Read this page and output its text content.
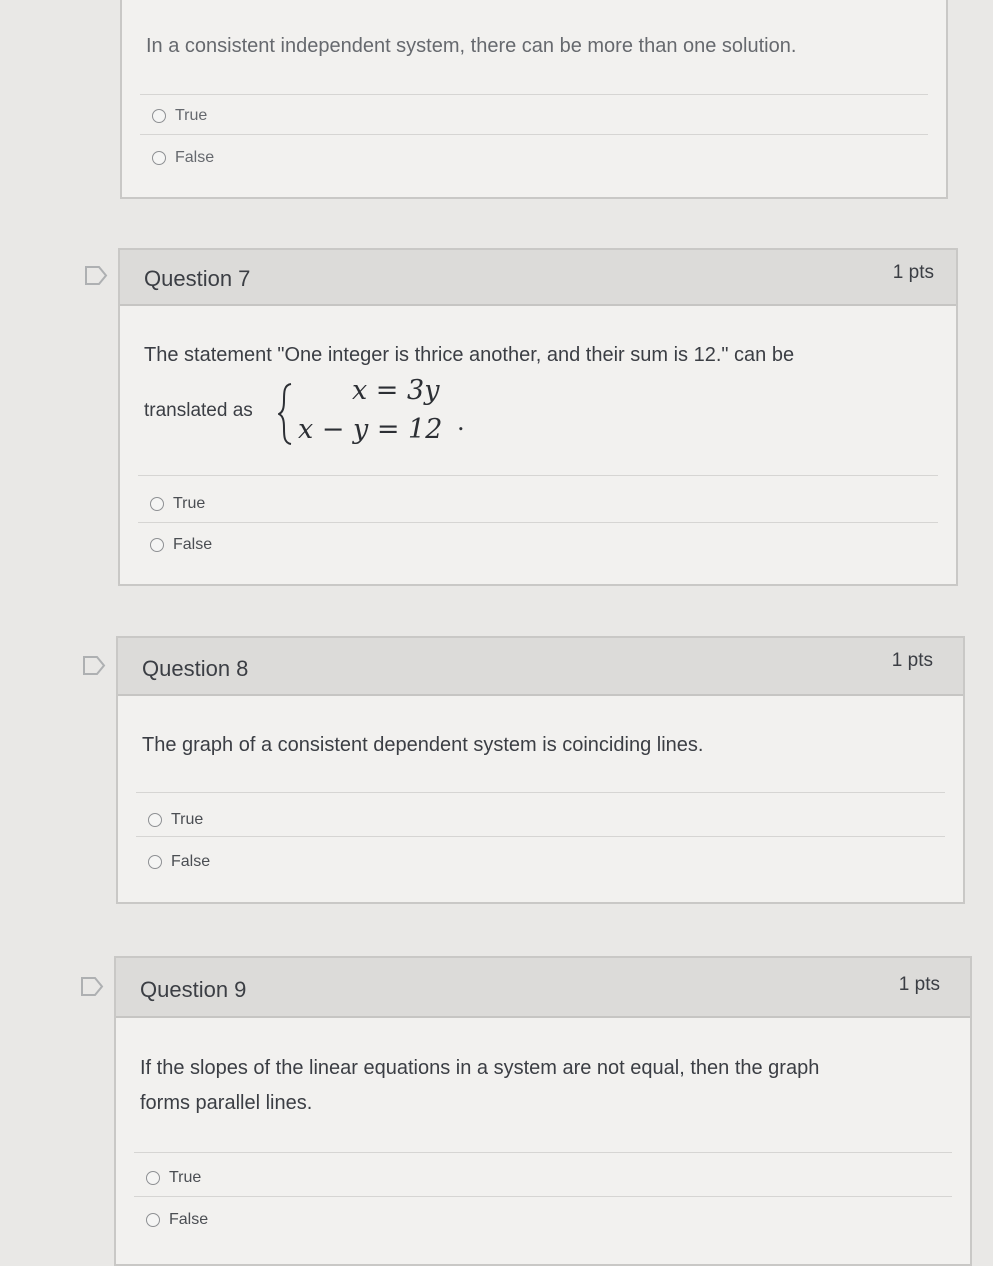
In a consistent independent system, there can be more than one solution.
True
False
Question 7	1 pts
The statement "One integer is thrice another, and their sum is 12." can be
translated as
x = 3y
x − y = 12 .
True
False
Question 8	1 pts
The graph of a consistent dependent system is coinciding lines.
True
False
Question 9	1 pts
If the slopes of the linear equations in a system are not equal, then the graph
forms parallel lines.
True
False
